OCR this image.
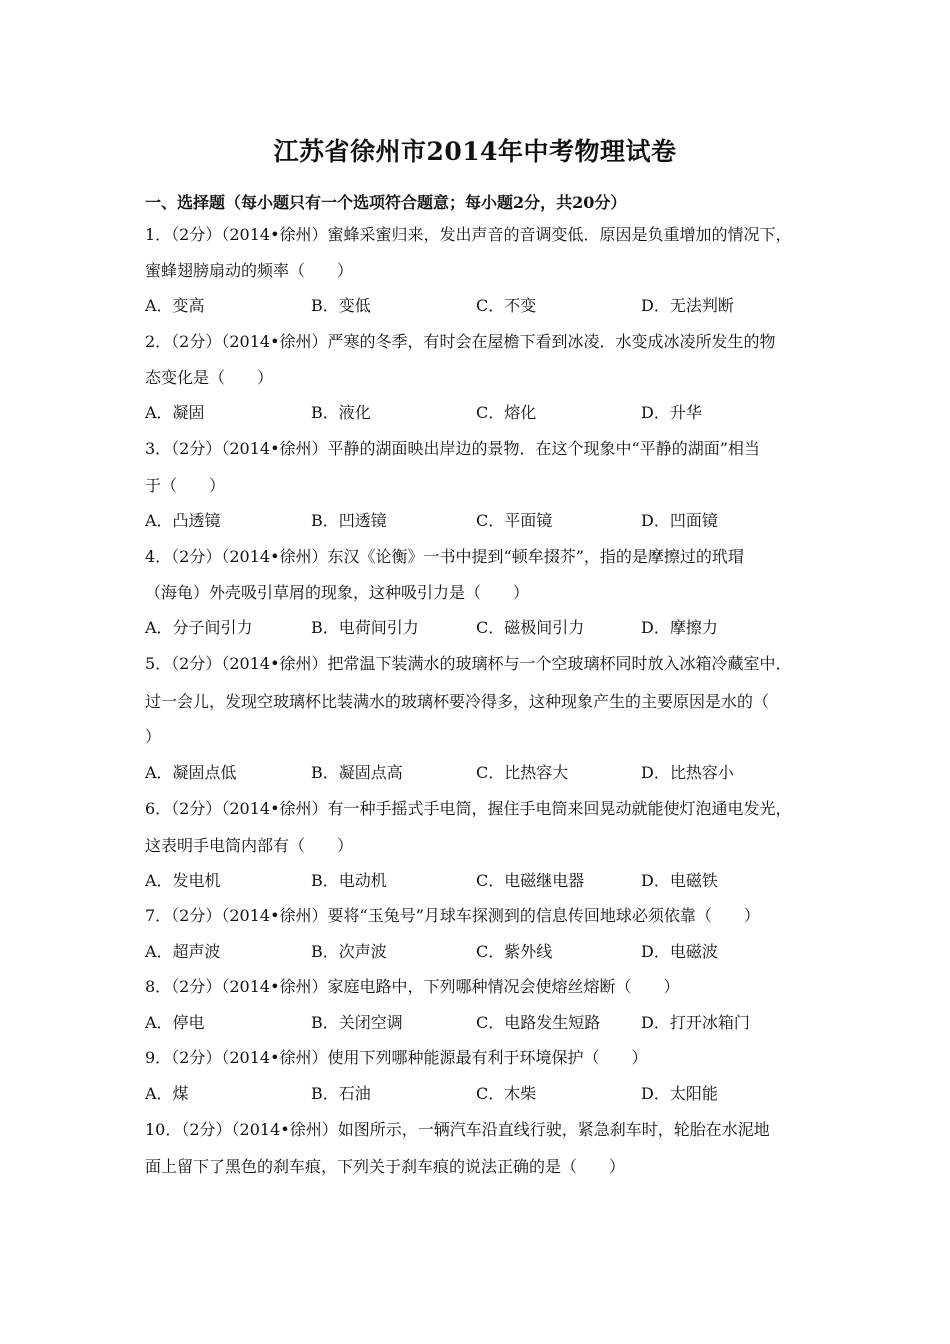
江苏省徐州市2014年中考物理试卷
一、选择题（每小题只有一个选项符合题意；每小题2分，共20分）
1．（2分）（2014•徐州）蜜蜂采蜜归来，发出声音的音调变低．原因是负重增加的情况下，
蜜蜂翅膀扇动的频率（　　）
A．变高	B．变低	C．不变	D．无法判断
2．（2分）（2014•徐州）严寒的冬季，有时会在屋檐下看到冰凌．水变成冰凌所发生的物
态变化是（　　）
A．凝固	B．液化	C．熔化	D．升华
3．（2分）（2014•徐州）平静的湖面映出岸边的景物．在这个现象中“平静的湖面”相当
于（　　）
A．凸透镜	B．凹透镜	C．平面镜	D．凹面镜
4．（2分）（2014•徐州）东汉《论衡》一书中提到“顿牟掇芥”，指的是摩擦过的玳瑁
（海龟）外壳吸引草屑的现象，这种吸引力是（　　）
A．分子间引力	B．电荷间引力	C．磁极间引力	D．摩擦力
5．（2分）（2014•徐州）把常温下装满水的玻璃杯与一个空玻璃杯同时放入冰箱冷藏室中．
过一会儿，发现空玻璃杯比装满水的玻璃杯要冷得多，这种现象产生的主要原因是水的（
）
A．凝固点低	B．凝固点高	C．比热容大	D．比热容小
6．（2分）（2014•徐州）有一种手摇式手电筒，握住手电筒来回晃动就能使灯泡通电发光，
这表明手电筒内部有（　　）
A．发电机	B．电动机	C．电磁继电器	D．电磁铁
7．（2分）（2014•徐州）要将“玉兔号”月球车探测到的信息传回地球必须依靠（　　）
A．超声波	B．次声波	C．紫外线	D．电磁波
8．（2分）（2014•徐州）家庭电路中，下列哪种情况会使熔丝熔断（　　）
A．停电	B．关闭空调	C．电路发生短路	D．打开冰箱门
9．（2分）（2014•徐州）使用下列哪种能源最有利于环境保护（　　）
A．煤	B．石油	C．木柴	D．太阳能
10．（2分）（2014•徐州）如图所示，一辆汽车沿直线行驶，紧急刹车时，轮胎在水泥地
面上留下了黑色的刹车痕，下列关于刹车痕的说法正确的是（　　）
